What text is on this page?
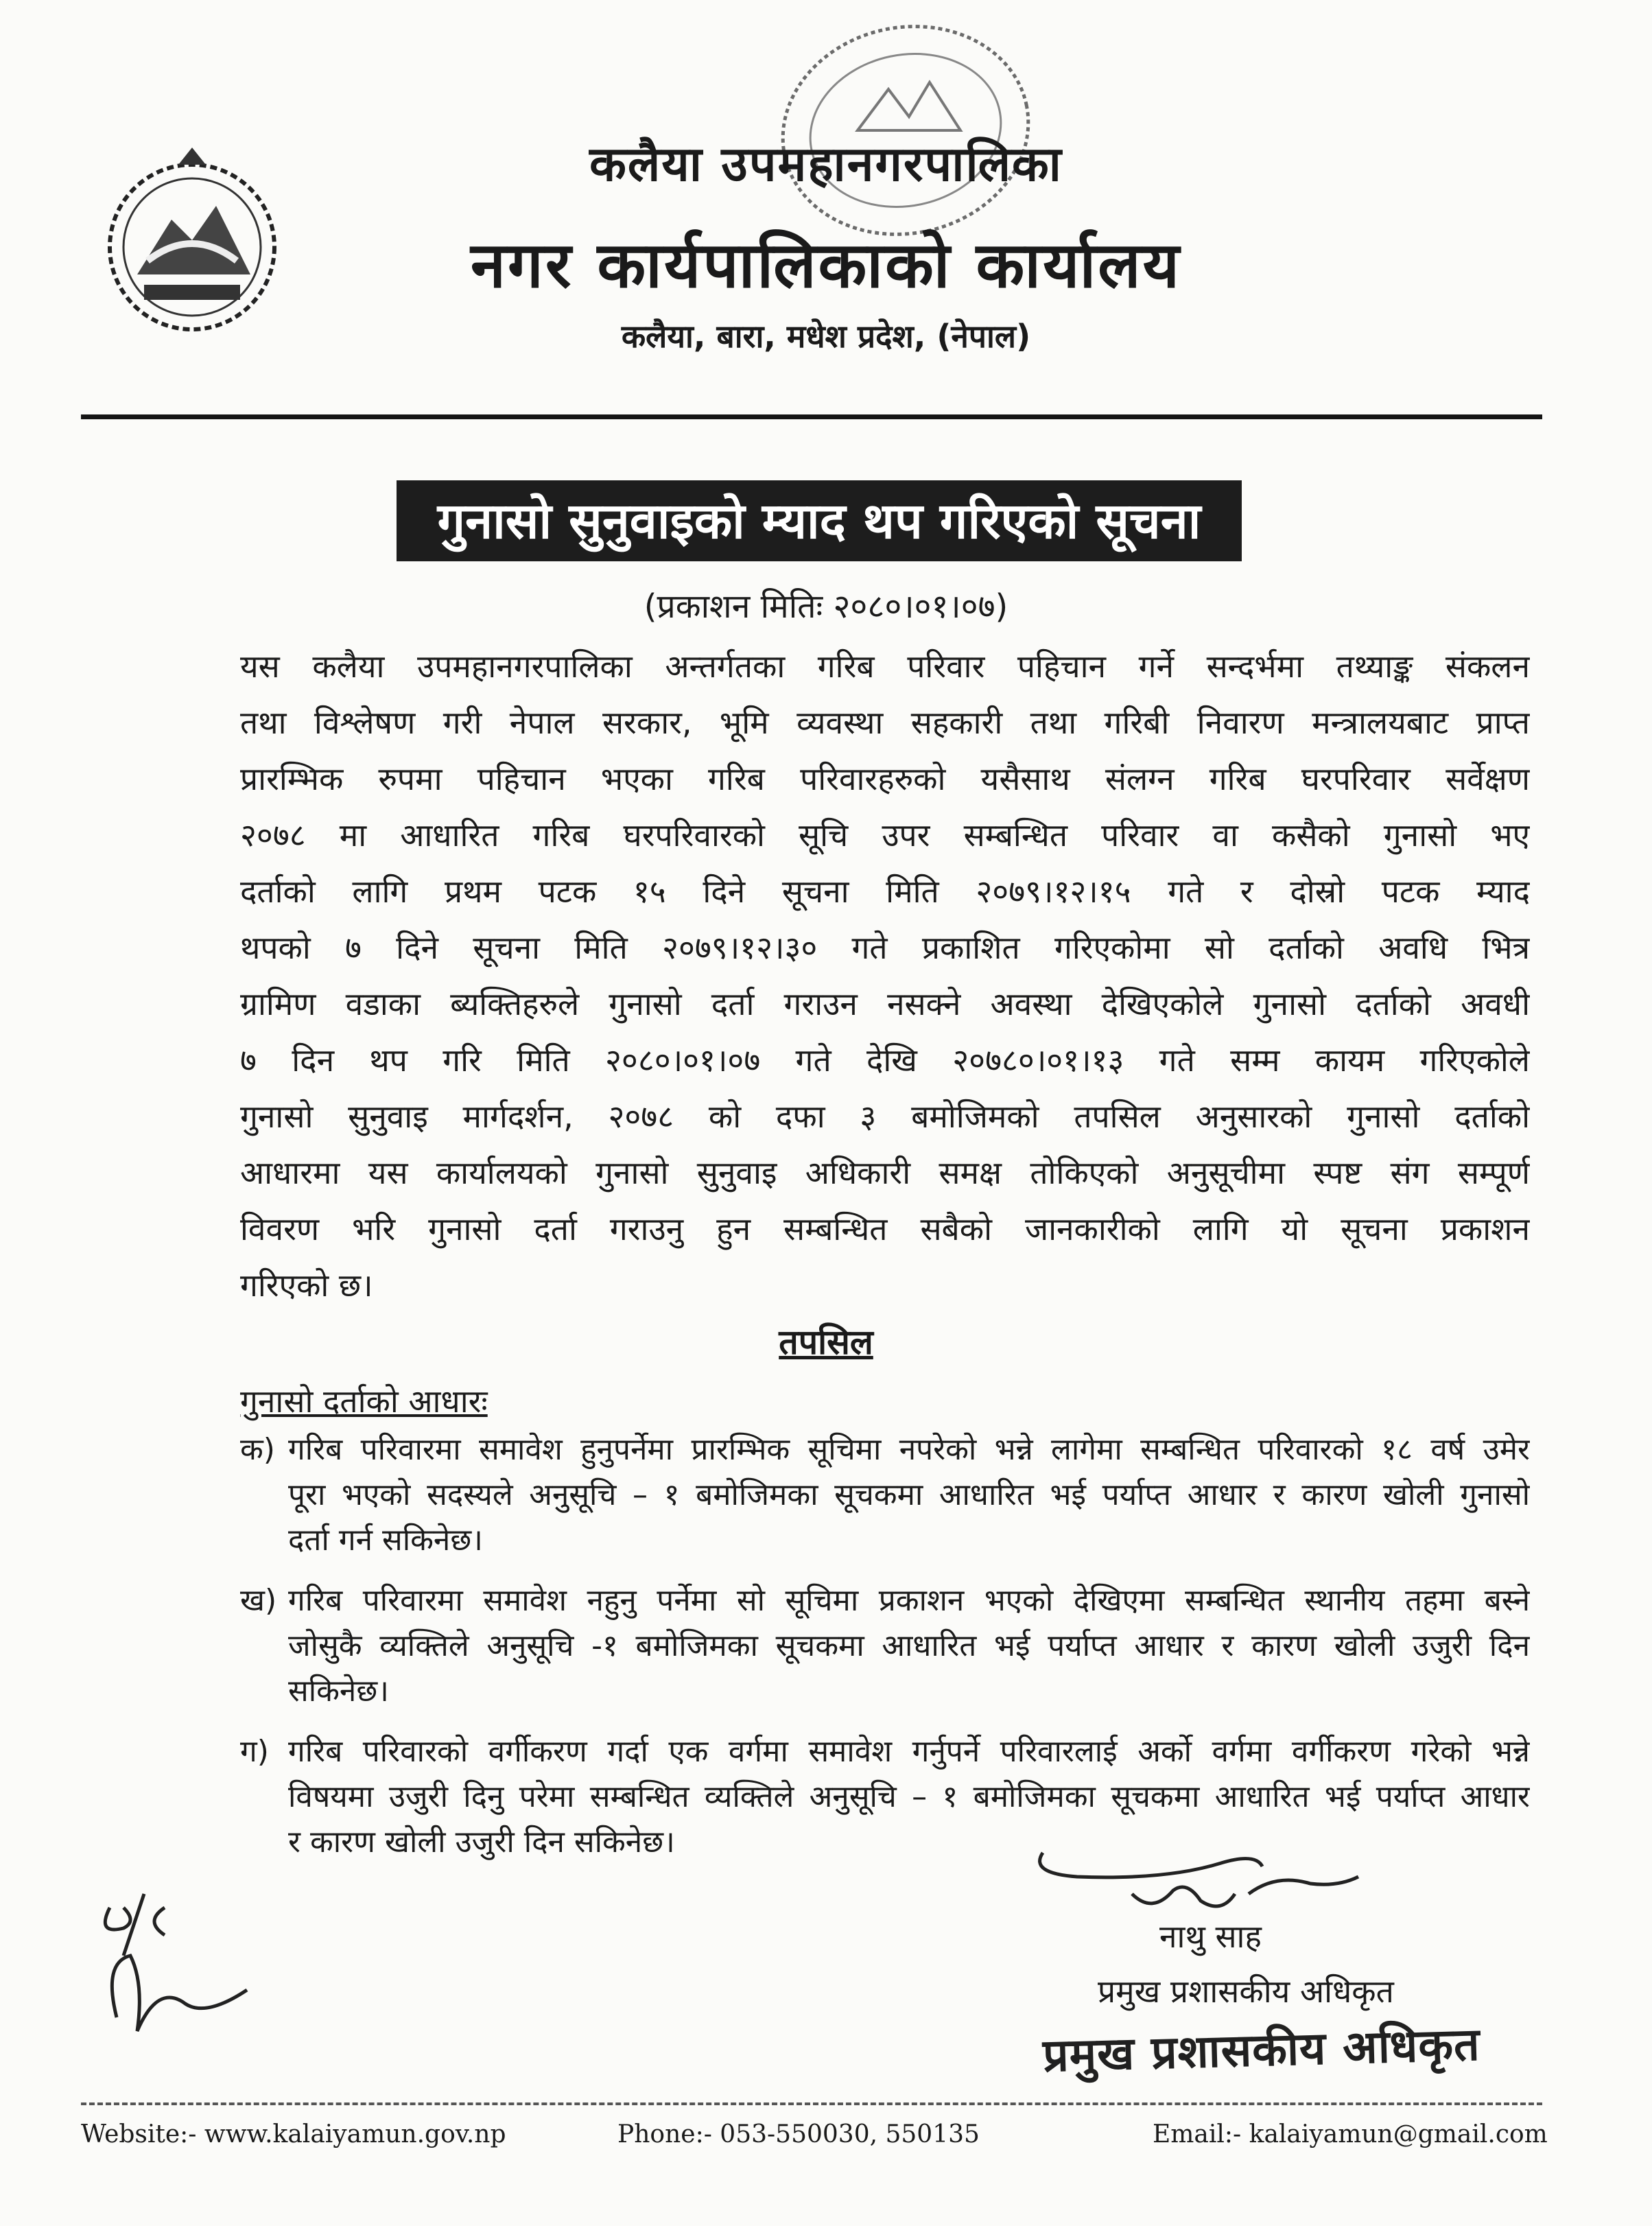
कलैया उपमहानगरपालिका
नगर कार्यपालिकाको कार्यालय
कलैया, बारा, मधेश प्रदेश, (नेपाल)
गुनासो सुनुवाइको म्याद थप गरिएको सूचना
(प्रकाशन मितिः २०८०।०१।०७)
यस कलैया उपमहानगरपालिका अन्तर्गतका गरिब परिवार पहिचान गर्ने सन्दर्भमा तथ्याङ्क संकलन
तथा विश्लेषण गरी नेपाल सरकार, भूमि व्यवस्था सहकारी तथा गरिबी निवारण मन्त्रालयबाट प्राप्त
प्रारम्भिक रुपमा पहिचान भएका गरिब परिवारहरुको यसैसाथ संलग्न गरिब घरपरिवार सर्वेक्षण
२०७८ मा आधारित गरिब घरपरिवारको सूचि उपर सम्बन्धित परिवार वा कसैको गुनासो भए
दर्ताको लागि प्रथम पटक १५ दिने सूचना मिति २०७९।१२।१५ गते र दोस्रो पटक म्याद
थपको ७ दिने सूचना मिति २०७९।१२।३० गते प्रकाशित गरिएकोमा सो दर्ताको अवधि भित्र
ग्रामिण वडाका ब्यक्तिहरुले गुनासो दर्ता गराउन नसक्ने अवस्था देखिएकोले गुनासो दर्ताको अवधी
७ दिन थप गरि मिति २०८०।०१।०७ गते देखि २०७८०।०१।१३ गते सम्म कायम गरिएकोले
गुनासो सुनुवाइ मार्गदर्शन, २०७८ को दफा ३ बमोजिमको तपसिल अनुसारको गुनासो दर्ताको
आधारमा यस कार्यालयको गुनासो सुनुवाइ अधिकारी समक्ष तोकिएको अनुसूचीमा स्पष्ट संग सम्पूर्ण
विवरण भरि गुनासो दर्ता गराउनु हुन सम्बन्धित सबैको जानकारीको लागि यो सूचना प्रकाशन
गरिएको छ।
तपसिल
गुनासो दर्ताको आधारः
क) गरिब परिवारमा समावेश हुनुपर्नेमा प्रारम्भिक सूचिमा नपरेको भन्ने लागेमा सम्बन्धित परिवारको १८ वर्ष उमेर
पूरा भएको सदस्यले अनुसूचि – १ बमोजिमका सूचकमा आधारित भई पर्याप्त आधार र कारण खोली गुनासो
दर्ता गर्न सकिनेछ।
ख) गरिब परिवारमा समावेश नहुनु पर्नेमा सो सूचिमा प्रकाशन भएको देखिएमा सम्बन्धित स्थानीय तहमा बस्ने
जोसुकै व्यक्तिले अनुसूचि -१ बमोजिमका सूचकमा आधारित भई पर्याप्त आधार र कारण खोली उजुरी दिन
सकिनेछ।
ग) गरिब परिवारको वर्गीकरण गर्दा एक वर्गमा समावेश गर्नुपर्ने परिवारलाई अर्को वर्गमा वर्गीकरण गरेको भन्ने
विषयमा उजुरी दिनु परेमा सम्बन्धित व्यक्तिले अनुसूचि – १ बमोजिमका सूचकमा आधारित भई पर्याप्त आधार
र कारण खोली उजुरी दिन सकिनेछ।
नाथु साह
प्रमुख प्रशासकीय अधिकृत
प्रमुख प्रशासकीय अधिकृत
Website:- www.kalaiyamun.gov.np	Phone:- 053-550030, 550135	Email:- kalaiyamun@gmail.com
